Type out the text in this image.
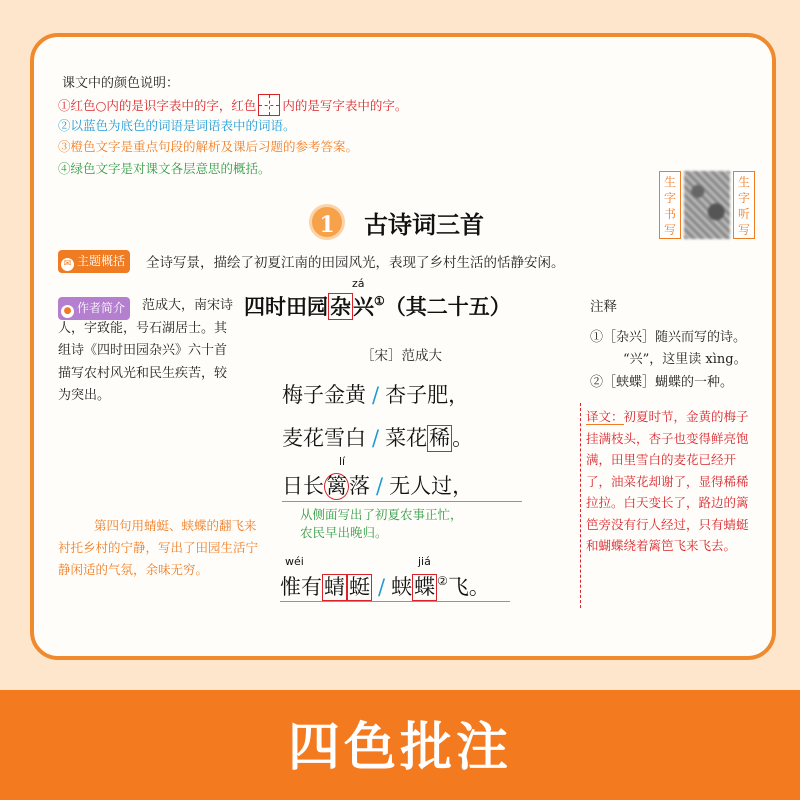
课文中的颜色说明：
①红色○内的是识字表中的字，红色 内的是写字表中的字。
②以蓝色为底色的词语是词语表中的词语。
③橙色文字是重点句段的解析及课后习题的参考答案。
④绿色文字是对课文各层意思的概括。
生字书写
生字听写
1	古诗词三首
✉ 主题概括	全诗写景，描绘了初夏江南的田园风光，表现了乡村生活的恬静安闲。
范成大，南宋诗人，字致能，号石湖居士。其组诗《四时田园杂兴》六十首描写农村风光和民生疾苦，较为突出。
● 作者简介
zá
四时田园杂兴①（其二十五）
［宋］范成大
梅子金黄 / 杏子肥，
麦花雪白 / 菜花稀。
lí
日长篱落 / 无人过，
从侧面写出了初夏农事正忙，
农民早出晚归。
wéi	jiá
惟有蜻 蜓 / 蛱蝶 ②飞。
第四句用蜻蜓、蛱蝶的翻飞来衬托乡村的宁静，写出了田园生活宁静闲适的气氛，余味无穷。
注释
①［杂兴］随兴而写的诗。
“兴”，这里读 xìng。
②［蛱蝶］蝴蝶的一种。
译文：初夏时节，金黄的梅子挂满枝头，杏子也变得鲜亮饱满，田里雪白的麦花已经开了，油菜花却谢了，显得稀稀拉拉。白天变长了，路边的篱笆旁没有行人经过，只有蜻蜓和蝴蝶绕着篱笆飞来飞去。
四色批注
